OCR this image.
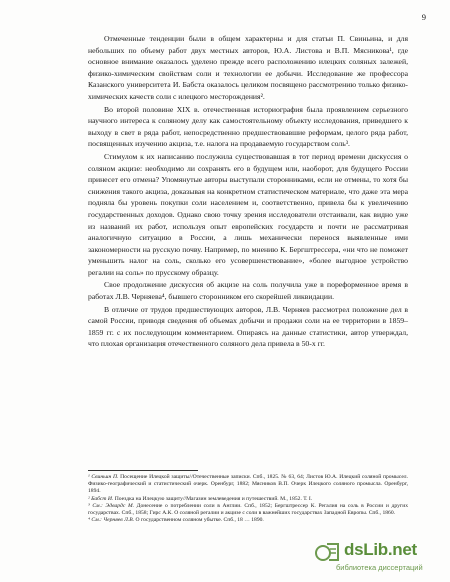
9

Отмеченные тенденции были в общем характерны и для статьи П. Свиньина, и для небольших по объему работ двух местных авторов, Ю.А. Листова и В.П. Мясникова¹, где основное внимание оказалось уделено прежде всего расположению илецких соляных залежей, физико-химическим свойствам соли и технологии ее добычи. Исследование же профессора Казанского университета И. Бабста оказалось целиком посвящено рассмотрению только физико-химических качеств соли с илецкого месторождения².

Во второй половине XIX в. отечественная историография была проявлением серьезного научного интереса к соляному делу как самостоятельному объекту исследования, приведшего к выходу в свет в ряда работ, непосредственно предшествовавшие реформам, целого ряда работ, посвященных изучению акциза, т.е. налога на продаваемую государством соль³.

Стимулом к их написанию послужила существовавшая в тот период времени дискуссия о соляном акцизе: необходимо ли сохранять его в будущем или, наоборот, для будущего России принесет его отмена? Упомянутые авторы выступали сторонниками, если не отмены, то хотя бы снижения такого акциза, доказывая на конкретном статистическом материале, что даже эта мера подняла бы уровень покупки соли населением и, соответственно, привела бы к увеличению государственных доходов. Однако свою точку зрения исследователи отстаивали, как видно уже из названий их работ, используя опыт европейских государств и почти не рассматривая аналогичную ситуацию в России, а лишь механически перенося выявленные ими закономерности на русскую почву. Например, по мнению К. Бергштрессера, «ни что не поможет уменьшить налог на соль, сколько его усовершенствование», «более выгодное устройство регалии на соль» по прусскому образцу.

Свое продолжение дискуссия об акцизе на соль получила уже в пореформенное время в работах Л.В. Черняева⁴, бывшего сторонником его скорейшей ликвидации.

В отличие от трудов предшествующих авторов, Л.В. Черняев рассмотрел положение дел в самой России, приводя сведения об объемах добычи и продажи соли на ее территории в 1859–1859 гг. с их последующим комментарием. Опираясь на данные статистики, автор утверждал, что плохая организация отечественного соляного дела привела в 50-х гг.

¹ Свиньин П. Посещение Илецкой защиты//Отечественные записки. Спб., 1825. № 63, 64; Листов Ю.А. Илецкий соляной промысел. Физико-географический и статистический очерк. Оренбург, 1882; Мясников В.П. Очерк Илецкого соляного промысла. Оренбург, 1894.

² Бабст И. Поездка на Илецкую защиту//Магазин землеведения и путешествий. М., 1852. Т. I.

³ См.: Эдвардс М. Донесение о потреблении соли в Англии. Спб., 1852; Бергштрессер К. Регалия на соль в России и других государствах. Спб., 1858; Гирс А.К. О соляной регалии и акцизе с соли в важнейших государствах Западной Европы. Спб., 1860.

⁴ См.: Черняев Л.В. О государственном соляном убытке. Спб., 18 … 1890.

dsLib.net
библиотека диссертаций
